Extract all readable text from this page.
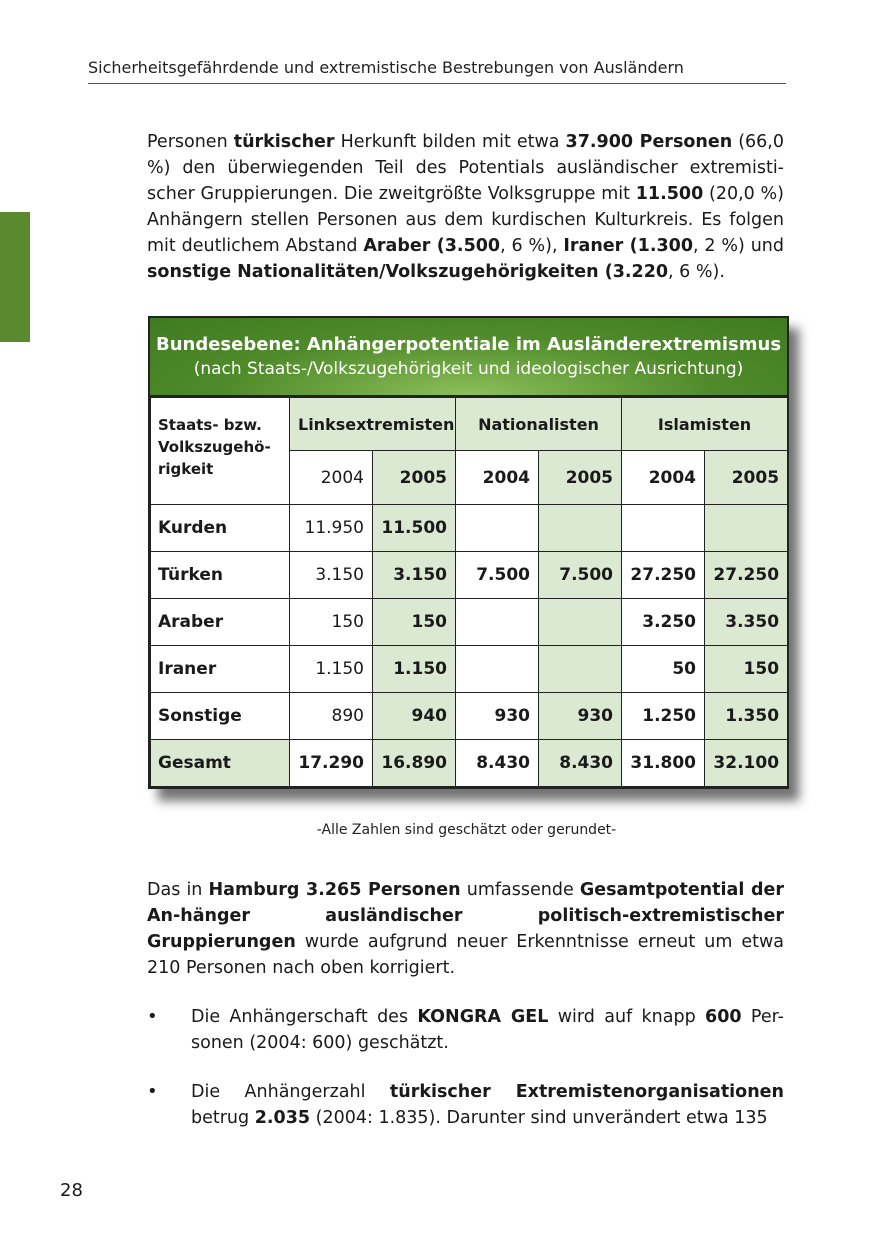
Sicherheitsgefährdende und extremistische Bestrebungen von Ausländern

Personen türkischer Herkunft bilden mit etwa 37.900 Personen (66,0 %) den überwiegenden Teil des Potentials ausländischer extremisti-scher Gruppierungen. Die zweitgrößte Volksgruppe mit 11.500 (20,0 %) Anhängern stellen Personen aus dem kurdischen Kulturkreis. Es folgen mit deutlichem Abstand Araber (3.500, 6 %), Iraner (1.300, 2 %) und sonstige Nationalitäten/Volkszugehörigkeiten (3.220, 6 %).

Bundesebene: Anhängerpotentiale im Ausländerextremismus
(nach Staats-/Volkszugehörigkeit und ideologischer Ausrichtung)
Staats- bzw. Volkszugehö-rigkeit	Linksextremisten		Nationalisten		Islamisten	
	2004	2005	2004	2005	2004	2005
Kurden	11.950	11.500				
Türken	3.150	3.150	7.500	7.500	27.250	27.250
Araber	150	150			3.250	3.350
Iraner	1.150	1.150			50	150
Sonstige	890	940	930	930	1.250	1.350
Gesamt	17.290	16.890	8.430	8.430	31.800	32.100
-Alle Zahlen sind geschätzt oder gerundet-

Das in Hamburg 3.265 Personen umfassende Gesamtpotential der An-hänger ausländischer politisch-extremistischer Gruppierungen wurde aufgrund neuer Erkenntnisse erneut um etwa 210 Personen nach oben korrigiert.

• Die Anhängerschaft des KONGRA GEL wird auf knapp 600 Per-sonen (2004: 600) geschätzt.

• Die Anhängerzahl türkischer Extremistenorganisationen betrug 2.035 (2004: 1.835). Darunter sind unverändert etwa 135

28
